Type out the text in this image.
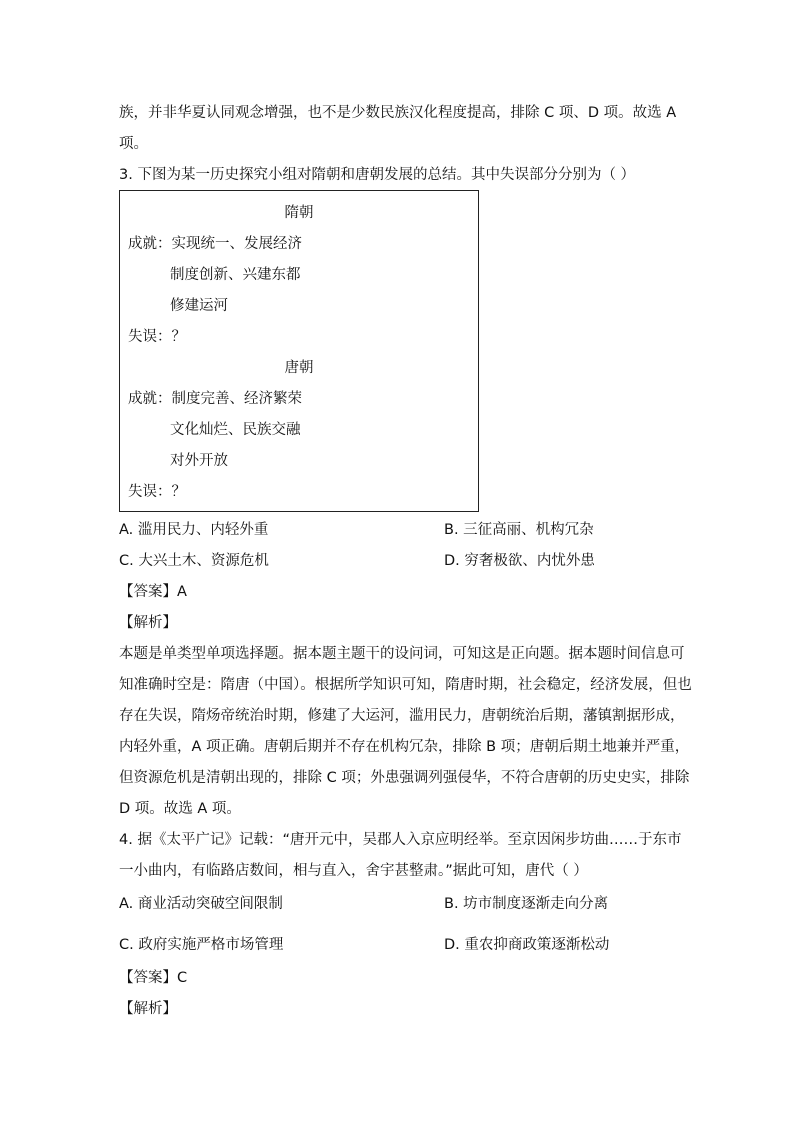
族，并非华夏认同观念增强，也不是少数民族汉化程度提高，排除 C 项、D 项。故选 A
项。
3. 下图为某一历史探究小组对隋朝和唐朝发展的总结。其中失误部分分别为（ ）
隋朝
成就：实现统一、发展经济
制度创新、兴建东都
修建运河
失误：？
唐朝
成就：制度完善、经济繁荣
文化灿烂、民族交融
对外开放
失误：？
A. 滥用民力、内轻外重	B. 三征高丽、机构冗杂
C. 大兴土木、资源危机	D. 穷奢极欲、内忧外患
【答案】A
【解析】
本题是单类型单项选择题。据本题主题干的设问词，可知这是正向题。据本题时间信息可
知准确时空是：隋唐（中国）。根据所学知识可知，隋唐时期，社会稳定，经济发展，但也
存在失误，隋炀帝统治时期，修建了大运河，滥用民力，唐朝统治后期，藩镇割据形成，
内轻外重，A 项正确。唐朝后期并不存在机构冗杂，排除 B 项；唐朝后期土地兼并严重，
但资源危机是清朝出现的，排除 C 项；外患强调列强侵华，不符合唐朝的历史史实，排除
D 项。故选 A 项。
4. 据《太平广记》记载：“唐开元中，吴郡人入京应明经举。至京因闲步坊曲……于东市
一小曲内，有临路店数间，相与直入，舍宇甚整肃。”据此可知，唐代（ ）
A. 商业活动突破空间限制	B. 坊市制度逐渐走向分离
C. 政府实施严格市场管理	D. 重农抑商政策逐渐松动
【答案】C
【解析】
